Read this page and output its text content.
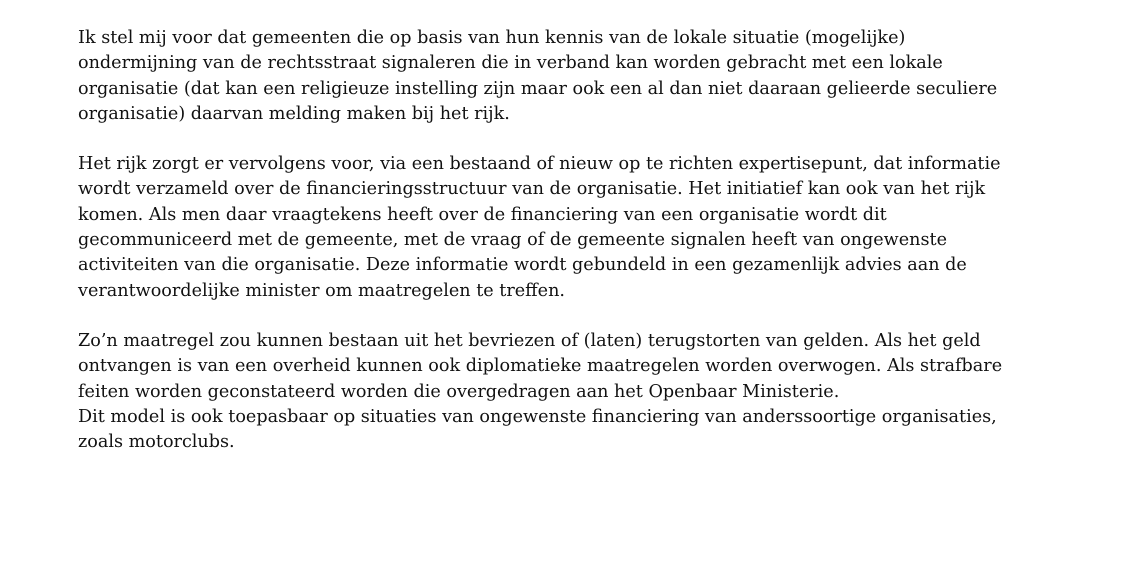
Ik stel mij voor dat gemeenten die op basis van hun kennis van de lokale situatie (mogelijke)
ondermijning van de rechtsstraat signaleren die in verband kan worden gebracht met een lokale
organisatie (dat kan een religieuze instelling zijn maar ook een al dan niet daaraan gelieerde seculiere
organisatie) daarvan melding maken bij het rijk.

Het rijk zorgt er vervolgens voor, via een bestaand of nieuw op te richten expertisepunt, dat informatie
wordt verzameld over de financieringsstructuur van de organisatie. Het initiatief kan ook van het rijk
komen. Als men daar vraagtekens heeft over de financiering van een organisatie wordt dit
gecommuniceerd met de gemeente, met de vraag of de gemeente signalen heeft van ongewenste
activiteiten van die organisatie. Deze informatie wordt gebundeld in een gezamenlijk advies aan de
verantwoordelijke minister om maatregelen te treffen.

Zo’n maatregel zou kunnen bestaan uit het bevriezen of (laten) terugstorten van gelden. Als het geld
ontvangen is van een overheid kunnen ook diplomatieke maatregelen worden overwogen. Als strafbare
feiten worden geconstateerd worden die overgedragen aan het Openbaar Ministerie.
Dit model is ook toepasbaar op situaties van ongewenste financiering van anderssoortige organisaties,
zoals motorclubs.
